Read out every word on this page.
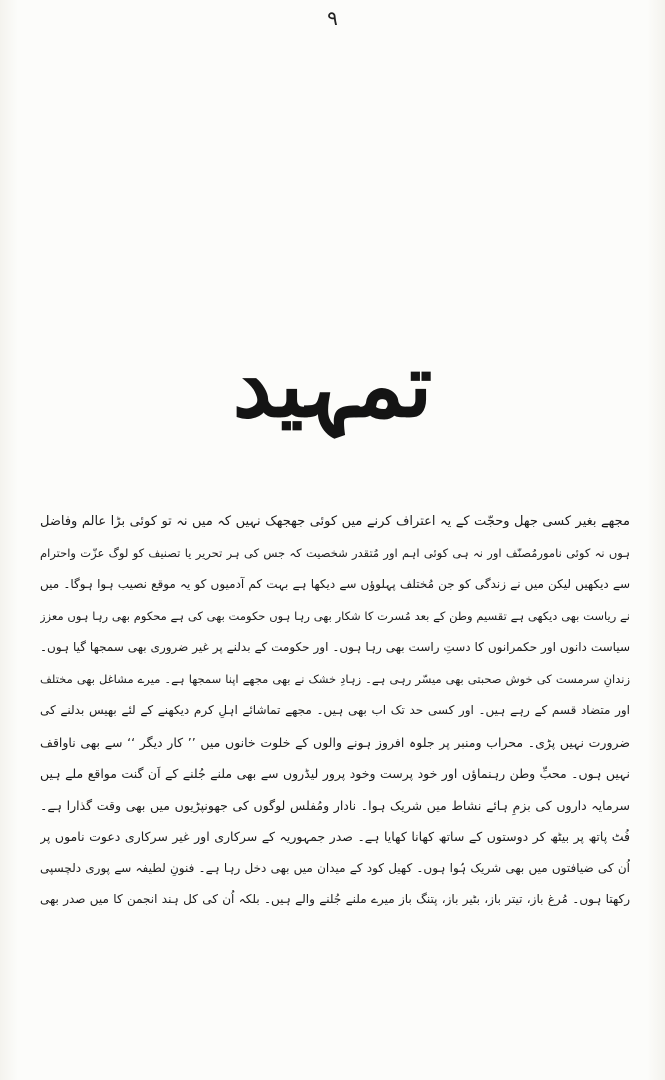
۹
تمہید
مجھے بغیر کسی جھل وحجّت کے یہ اعتراف کرنے میں کوئی جھجھک نہیں کہ میں نہ تو کوئی بڑا عالم وفاضل
ہوں نہ کوئی نامورمُصنّف اور نہ ہی کوئی اہم اور مُتقدر شخصیت کہ جس کی ہر تحریر یا تصنیف کو لوگ عزّت واحترام
سے دیکھیں لیکن میں نے زندگی کو جن مُختلف پہلوؤں سے دیکھا ہے بہت کم آدمیوں کو یہ موقع نصیب ہوا ہوگا۔ میں
نے ریاست بھی دیکھی ہے تقسیم وطن کے بعد مُسرت کا شکار بھی رہا ہوں حکومت بھی کی ہے محکوم بھی رہا ہوں معزز
سیاست دانوں اور حکمرانوں کا دستِ راست بھی رہا ہوں۔ اور حکومت کے بدلنے پر غیر ضروری بھی سمجھا گیا ہوں۔
زندانِ سرمست کی خوش صحبتی بھی میسّر رہی ہے۔ زہادِ خشک نے بھی مجھے اپنا سمجھا ہے۔ میرے مشاغل بھی مختلف
اور متضاد قسم کے رہے ہیں۔ اور کسی حد تک اب بھی ہیں۔ مجھے تماشائے اہلِ کرم دیکھنے کے لئے بھیس بدلنے کی
ضرورت نہیں پڑی۔ محراب ومنبر پر جلوہ افروز ہونے والوں کے خلوت خانوں میں ’’ کار دیگر ‘‘ سے بھی ناواقف
نہیں ہوں۔ محبِّ وطن رہنماؤں اور خود پرست وخود پرور لیڈروں سے بھی ملنے جُلنے کے اَن گنت مواقع ملے ہیں
سرمایہ داروں کی بزمِ ہائے نشاط میں شریک ہوا۔ نادار ومُفلس لوگوں کی جھونپڑیوں میں بھی وقت گذارا ہے۔
فُٹ پاتھ پر بیٹھ کر دوستوں کے ساتھ کھانا کھایا ہے۔ صدر جمہوریہ کے سرکاری اور غیر سرکاری دعوت ناموں پر
اُن کی ضیافتوں میں بھی شریک ہُوا ہوں۔ کھیل کود کے میدان میں بھی دخل رہا ہے۔ فنونِ لطیفہ سے پوری دلچسپی
رکھتا ہوں۔ مُرغ باز، تیتر باز، بٹیر باز، پتنگ باز میرے ملنے جُلنے والے ہیں۔ بلکہ اُن کی کل ہند انجمن کا میں صدر بھی
